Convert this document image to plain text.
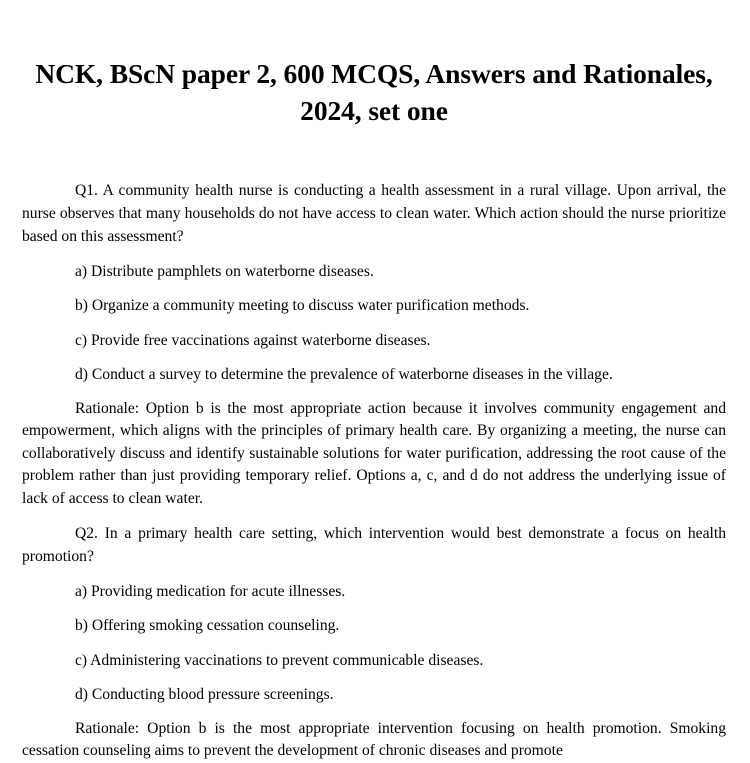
NCK, BScN paper 2, 600 MCQS, Answers and Rationales, 2024, set one

Q1. A community health nurse is conducting a health assessment in a rural village. Upon arrival, the nurse observes that many households do not have access to clean water. Which action should the nurse prioritize based on this assessment?

a) Distribute pamphlets on waterborne diseases.

b) Organize a community meeting to discuss water purification methods.

c) Provide free vaccinations against waterborne diseases.

d) Conduct a survey to determine the prevalence of waterborne diseases in the village.

Rationale: Option b is the most appropriate action because it involves community engagement and empowerment, which aligns with the principles of primary health care. By organizing a meeting, the nurse can collaboratively discuss and identify sustainable solutions for water purification, addressing the root cause of the problem rather than just providing temporary relief. Options a, c, and d do not address the underlying issue of lack of access to clean water.

Q2. In a primary health care setting, which intervention would best demonstrate a focus on health promotion?

a) Providing medication for acute illnesses.

b) Offering smoking cessation counseling.

c) Administering vaccinations to prevent communicable diseases.

d) Conducting blood pressure screenings.

Rationale: Option b is the most appropriate intervention focusing on health promotion. Smoking cessation counseling aims to prevent the development of chronic diseases and promote
